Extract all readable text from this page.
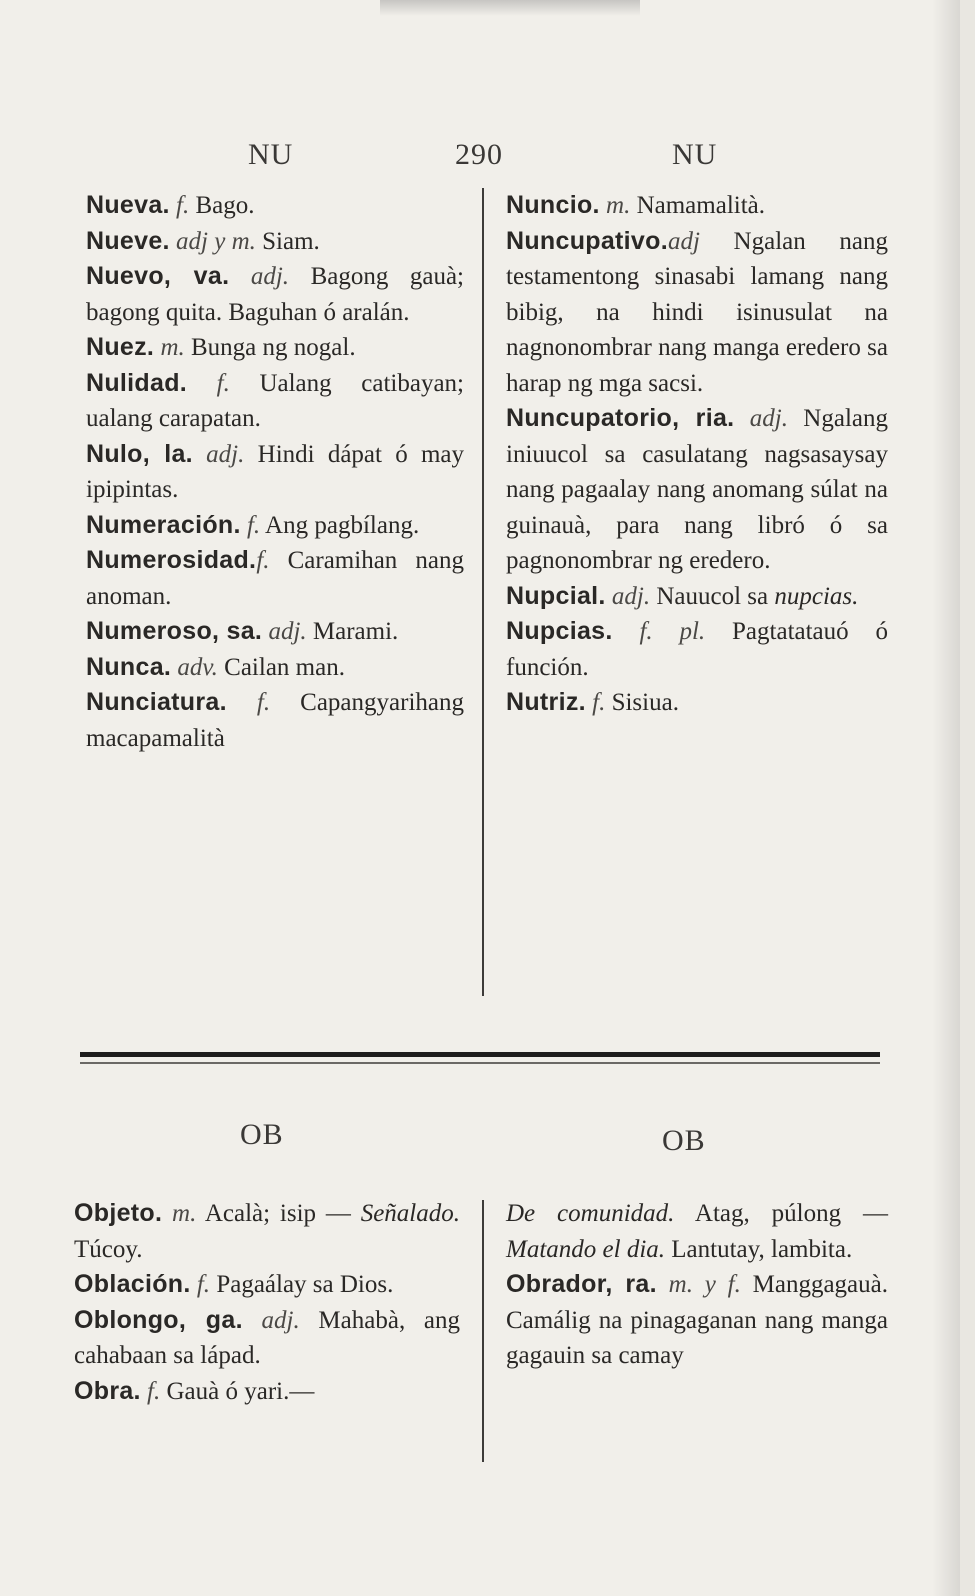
NU	290	NU

Nueva. f. Bago.

Nueve. adj y m. Siam.

Nuevo, va. adj. Bagong gauà; bagong quita. Baguhan ó aralán.

Nuez. m. Bunga ng nogal.

Nulidad. f. Ualang catibayan; ualang carapatan.

Nulo, la. adj. Hindi dápat ó may ipipintas.

Numeración. f. Ang pagbílang.

Numerosidad.f. Caramihan nang anoman.

Numeroso, sa. adj. Marami.

Nunca. adv. Cailan man.

Nunciatura. f. Capangyarihang macapamalità

Nuncio. m. Namamalità.

Nuncupativo.adj Ngalan nang testamentong sinasabi lamang nang bibig, na hindi isinusulat na nagnonombrar nang manga eredero sa harap ng mga sacsi.

Nuncupatorio, ria. adj. Ngalang iniuucol sa casulatang nagsasaysay nang pagaalay nang anomang súlat na guinauà, para nang libró ó sa pagnonombrar ng eredero.

Nupcial. adj. Nauucol sa nupcias.

Nupcias. f. pl. Pagtatatauó ó función.

Nutriz. f. Sisiua.

OB	OB

Objeto. m. Acalà; isip — Señalado. Túcoy.

Oblación. f. Pagaálay sa Dios.

Oblongo, ga. adj. Mahabà, ang cahabaan sa lápad.

Obra. f. Gauà ó yari.—

De comunidad. Atag, púlong —Matando el dia. Lantutay, lambita.

Obrador, ra. m. y f. Manggagauà. Camálig na pinagaganan nang manga gagauin sa camay
